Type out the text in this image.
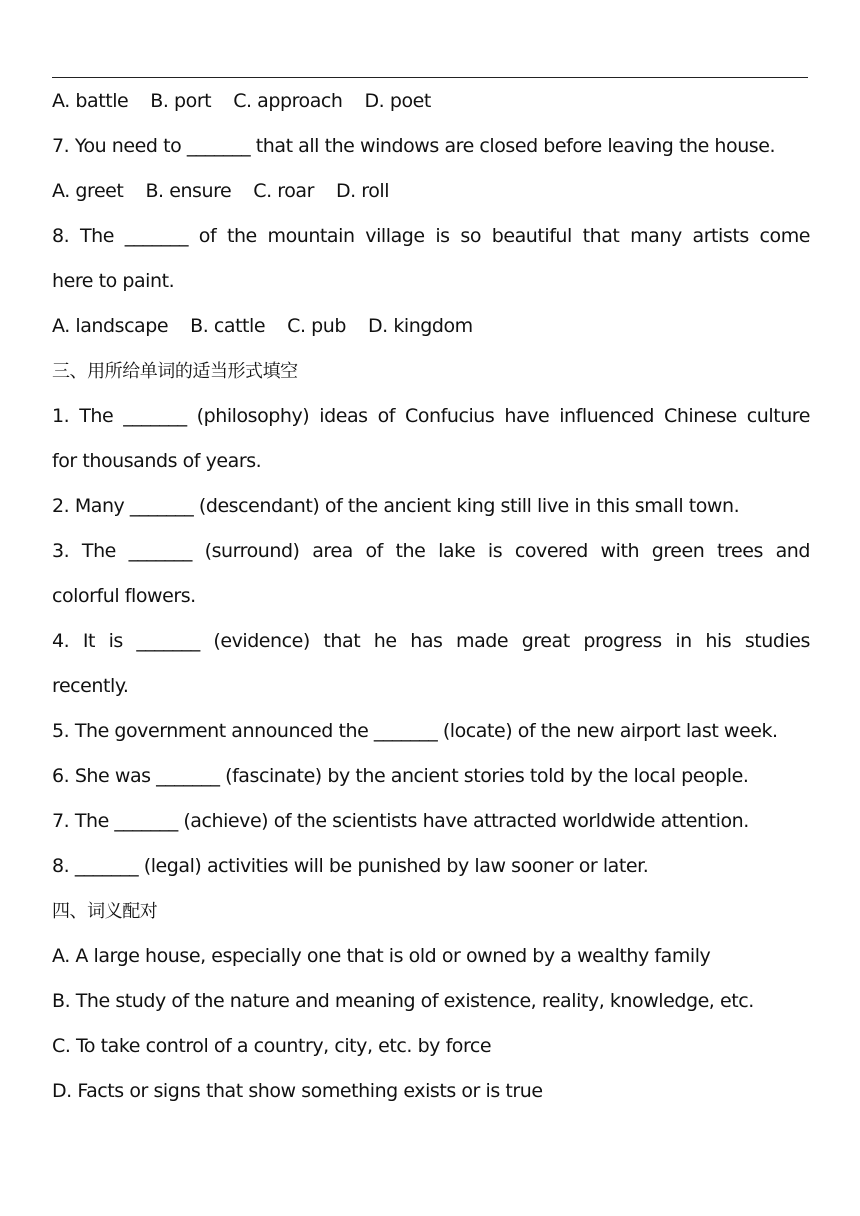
A. battle B. port C. approach D. poet
7. You need to _______ that all the windows are closed before leaving the house.
A. greet B. ensure C. roar D. roll
8. The _______ of the mountain village is so beautiful that many artists come
here to paint.
A. landscape B. cattle C. pub D. kingdom
三、用所给单词的适当形式填空
1. The _______ (philosophy) ideas of Confucius have influenced Chinese culture
for thousands of years.
2. Many _______ (descendant) of the ancient king still live in this small town.
3. The _______ (surround) area of the lake is covered with green trees and
colorful flowers.
4. It is _______ (evidence) that he has made great progress in his studies
recently.
5. The government announced the _______ (locate) of the new airport last week.
6. She was _______ (fascinate) by the ancient stories told by the local people.
7. The _______ (achieve) of the scientists have attracted worldwide attention.
8. _______ (legal) activities will be punished by law sooner or later.
四、词义配对
A. A large house, especially one that is old or owned by a wealthy family
B. The study of the nature and meaning of existence, reality, knowledge, etc.
C. To take control of a country, city, etc. by force
D. Facts or signs that show something exists or is true
